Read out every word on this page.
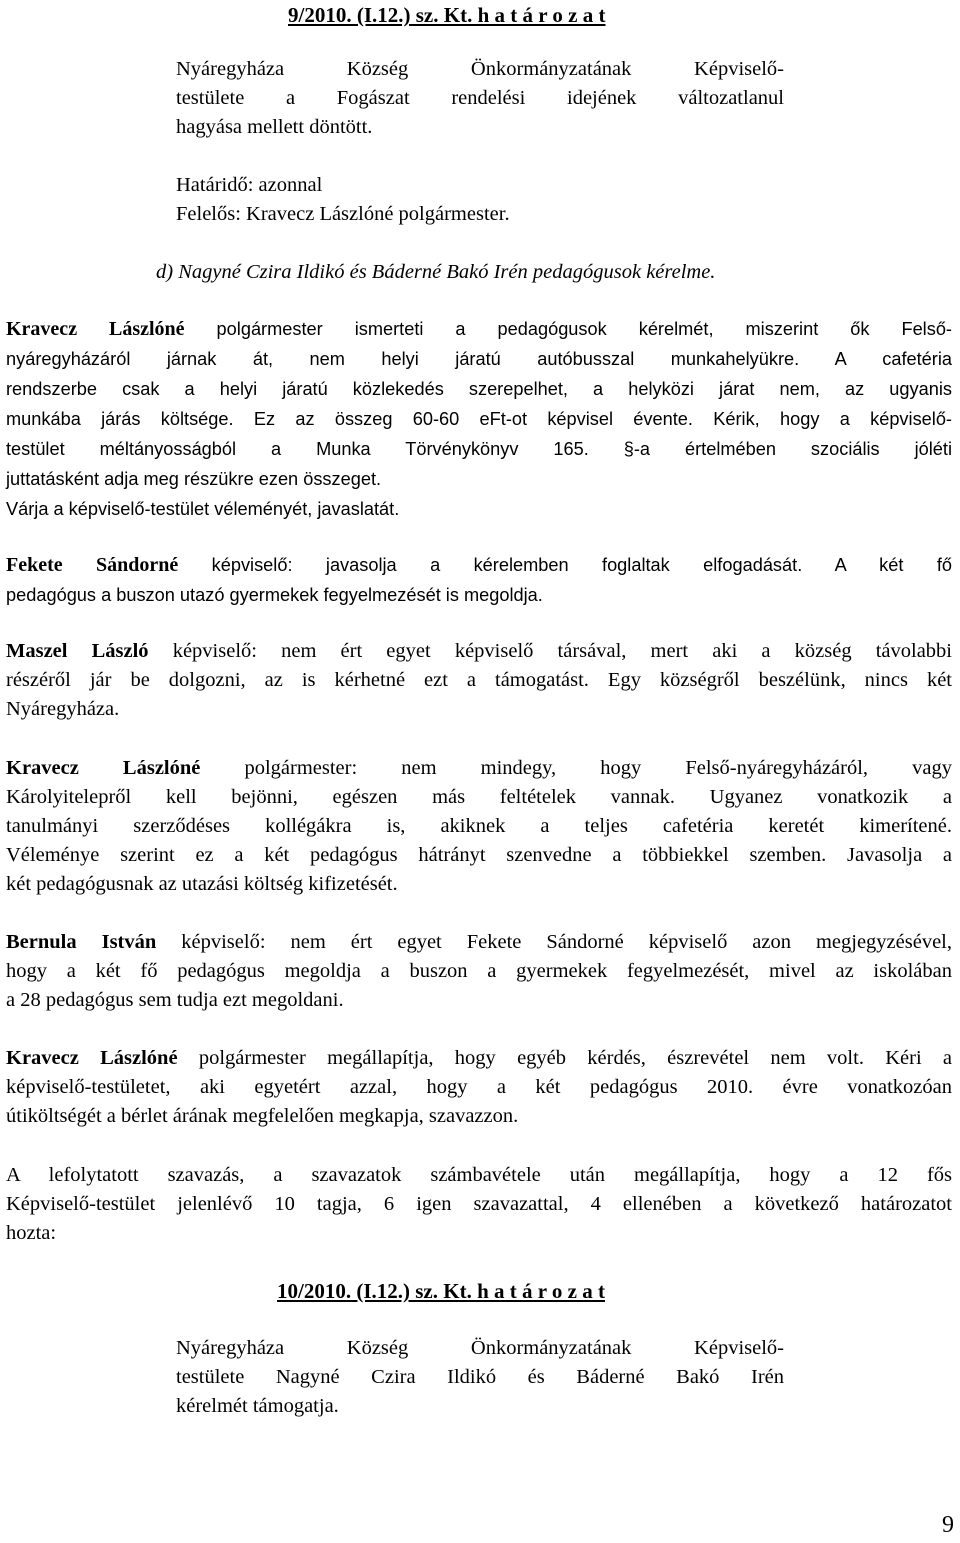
9/2010. (I.12.) sz. Kt. h a t á r o z a t
Nyáregyháza Község Önkormányzatának Képviselő-
testülete a Fogászat rendelési idejének változatlanul
hagyása mellett döntött.
Határidő: azonnal
Felelős: Kravecz Lászlóné polgármester.
d) Nagyné Czira Ildikó és Báderné Bakó Irén pedagógusok kérelme.
Kravecz Lászlóné polgármester ismerteti a pedagógusok kérelmét, miszerint ők Felső-
nyáregyházáról járnak át, nem helyi járatú autóbusszal munkahelyükre. A cafetéria
rendszerbe csak a helyi járatú közlekedés szerepelhet, a helyközi járat nem, az ugyanis
munkába járás költsége. Ez az összeg 60-60 eFt-ot képvisel évente. Kérik, hogy a képviselő-
testület méltányosságból a Munka Törvénykönyv 165. §-a értelmében szociális jóléti
juttatásként adja meg részükre ezen összeget.
Várja a képviselő-testület véleményét, javaslatát.
Fekete Sándorné képviselő: javasolja a kérelemben foglaltak elfogadását. A két fő
pedagógus a buszon utazó gyermekek fegyelmezését is megoldja.
Maszel László képviselő: nem ért egyet képviselő társával, mert aki a község távolabbi
részéről jár be dolgozni, az is kérhetné ezt a támogatást. Egy községről beszélünk, nincs két
Nyáregyháza.
Kravecz Lászlóné polgármester: nem mindegy, hogy Felső-nyáregyházáról, vagy
Károlyitelepről kell bejönni, egészen más feltételek vannak. Ugyanez vonatkozik a
tanulmányi szerződéses kollégákra is, akiknek a teljes cafetéria keretét kimerítené.
Véleménye szerint ez a két pedagógus hátrányt szenvedne a többiekkel szemben. Javasolja a
két pedagógusnak az utazási költség kifizetését.
Bernula István képviselő: nem ért egyet Fekete Sándorné képviselő azon megjegyzésével,
hogy a két fő pedagógus megoldja a buszon a gyermekek fegyelmezését, mivel az iskolában
a 28 pedagógus sem tudja ezt megoldani.
Kravecz Lászlóné polgármester megállapítja, hogy egyéb kérdés, észrevétel nem volt. Kéri a
képviselő-testületet, aki egyetért azzal, hogy a két pedagógus 2010. évre vonatkozóan
útiköltségét a bérlet árának megfelelően megkapja, szavazzon.
A lefolytatott szavazás, a szavazatok számbavétele után megállapítja, hogy a 12 fős
Képviselő-testület jelenlévő 10 tagja, 6 igen szavazattal, 4 ellenében a következő határozatot
hozta:
10/2010. (I.12.) sz. Kt. h a t á r o z a t
Nyáregyháza Község Önkormányzatának Képviselő-
testülete Nagyné Czira Ildikó és Báderné Bakó Irén
kérelmét támogatja.
9
